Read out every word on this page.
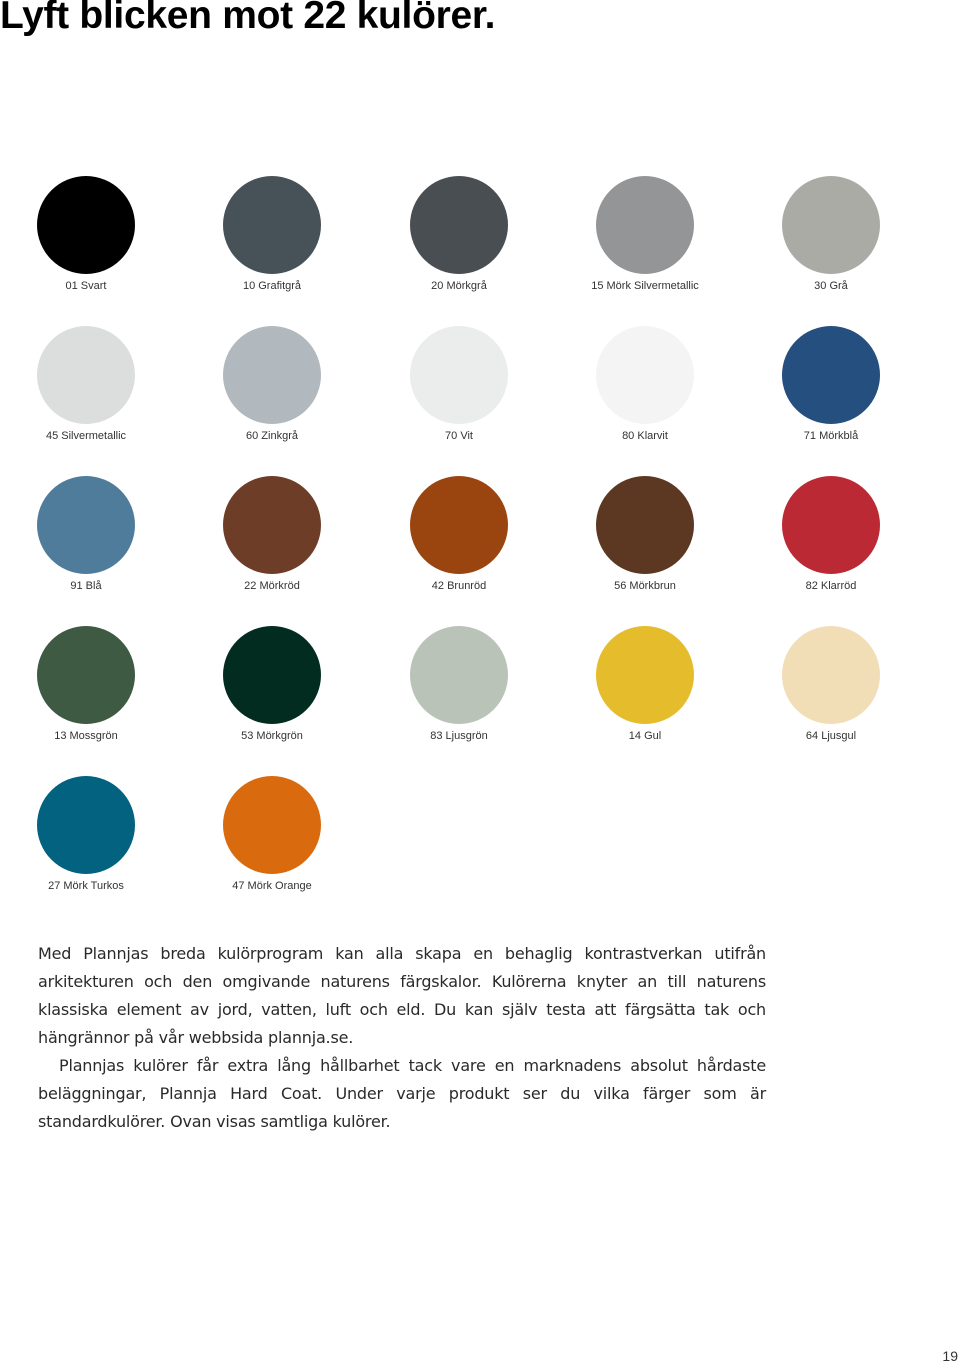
Lyft blicken mot 22 kulörer.
01 Svart	10 Grafitgrå	20 Mörkgrå	15 Mörk Silvermetallic	30 Grå
45 Silvermetallic	60 Zinkgrå	70 Vit	80 Klarvit	71 Mörkblå
91 Blå	22 Mörkröd	42 Brunröd	56 Mörkbrun	82 Klarröd
13 Mossgrön	53 Mörkgrön	83 Ljusgrön	14 Gul	64 Ljusgul
27 Mörk Turkos	47 Mörk Orange

Med Plannjas breda kulörprogram kan alla skapa en behaglig kontrastverkan utifrån arkitekturen och den omgivande naturens färgskalor. Kulörerna knyter an till naturens klassiska element av jord, vatten, luft och eld. Du kan själv testa att färgsätta tak och hängrännor på vår webbsida plannja.se.

Plannjas kulörer får extra lång hållbarhet tack vare en marknadens absolut hårdaste beläggningar, Plannja Hard Coat. Under varje produkt ser du vilka färger som är standardkulörer. Ovan visas samtliga kulörer.

19
